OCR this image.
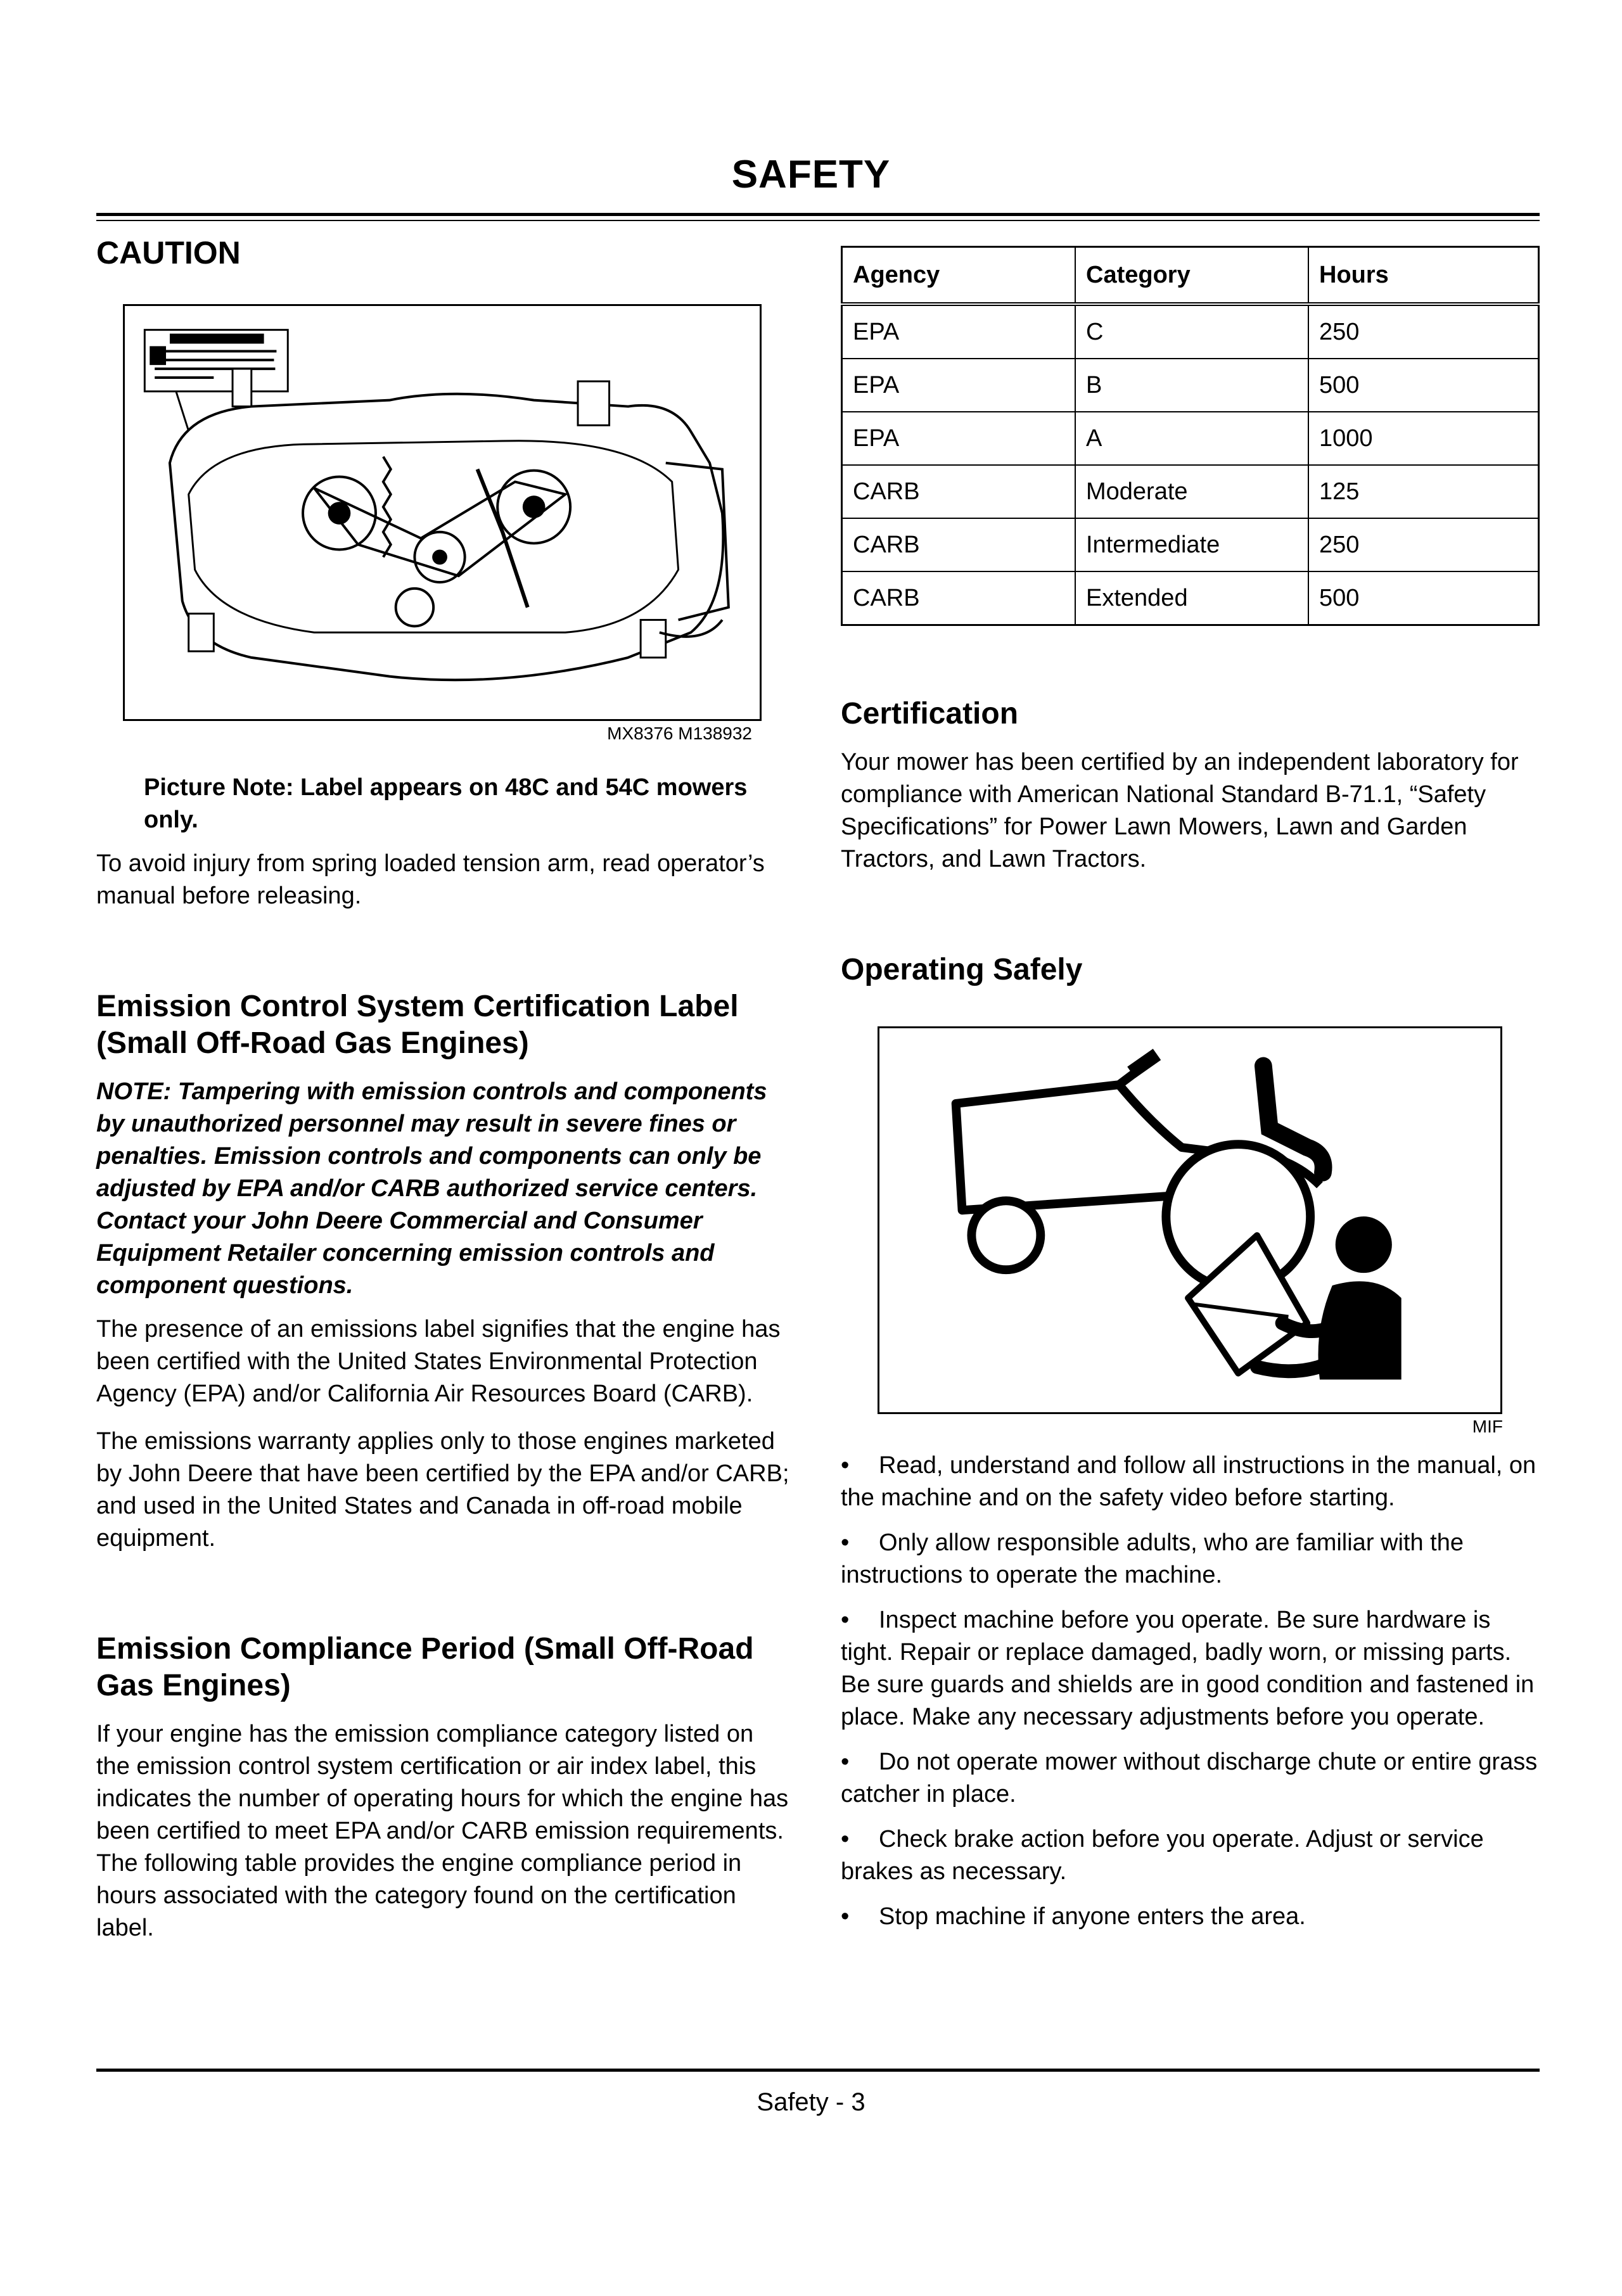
SAFETY
CAUTION
MX8376 M138932
Picture Note: Label appears on 48C and 54C mowers only.

To avoid injury from spring loaded tension arm, read operator’s manual before releasing.

Emission Control System Certification Label (Small Off-Road Gas Engines)

NOTE: Tampering with emission controls and components by unauthorized personnel may result in severe fines or penalties. Emission controls and components can only be adjusted by EPA and/or CARB authorized service centers. Contact your John Deere Commercial and Consumer Equipment Retailer concerning emission controls and component questions.

The presence of an emissions label signifies that the engine has been certified with the United States Environmental Protection Agency (EPA) and/or California Air Resources Board (CARB).

The emissions warranty applies only to those engines marketed by John Deere that have been certified by the EPA and/or CARB; and used in the United States and Canada in off-road mobile equipment.

Emission Compliance Period (Small Off-Road Gas Engines)

If your engine has the emission compliance category listed on the emission control system certification or air index label, this indicates the number of operating hours for which the engine has been certified to meet EPA and/or CARB emission requirements. The following table provides the engine compliance period in hours associated with the category found on the certification label.

Agency	Category	Hours
EPA	C	250
EPA	B	500
EPA	A	1000
CARB	Moderate	125
CARB	Intermediate	250
CARB	Extended	500
Certification

Your mower has been certified by an independent laboratory for compliance with American National Standard B-71.1, “Safety Specifications” for Power Lawn Mowers, Lawn and Garden Tractors, and Lawn Tractors.

Operating Safely
MIF
• Read, understand and follow all instructions in the manual, on the machine and on the safety video before starting.
• Only allow responsible adults, who are familiar with the instructions to operate the machine.
• Inspect machine before you operate. Be sure hardware is tight. Repair or replace damaged, badly worn, or missing parts. Be sure guards and shields are in good condition and fastened in place. Make any necessary adjustments before you operate.
• Do not operate mower without discharge chute or entire grass catcher in place.
• Check brake action before you operate. Adjust or service brakes as necessary.
• Stop machine if anyone enters the area.
Safety - 3
